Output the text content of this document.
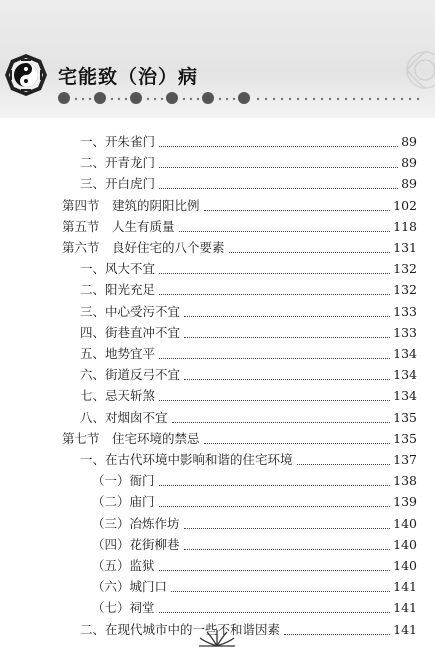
宅能致（治）病
一、开朱雀门	89
二、开青龙门	89
三、开白虎门	89
第四节　建筑的阴阳比例	102
第五节　人生有质量	118
第六节　良好住宅的八个要素	131
一、风大不宜	132
二、阳光充足	132
三、中心受污不宜	133
四、街巷直冲不宜	133
五、地势宜平	134
六、街道反弓不宜	134
七、忌天斩煞	134
八、对烟囱不宜	135
第七节　住宅环境的禁忌	135
一、在古代环境中影响和谐的住宅环境	137
（一）衙门	138
（二）庙门	139
（三）冶炼作坊	140
（四）花街柳巷	140
（五）监狱	140
（六）城门口	141
（七）祠堂	141
二、在现代城市中的一些不和谐因素	141
